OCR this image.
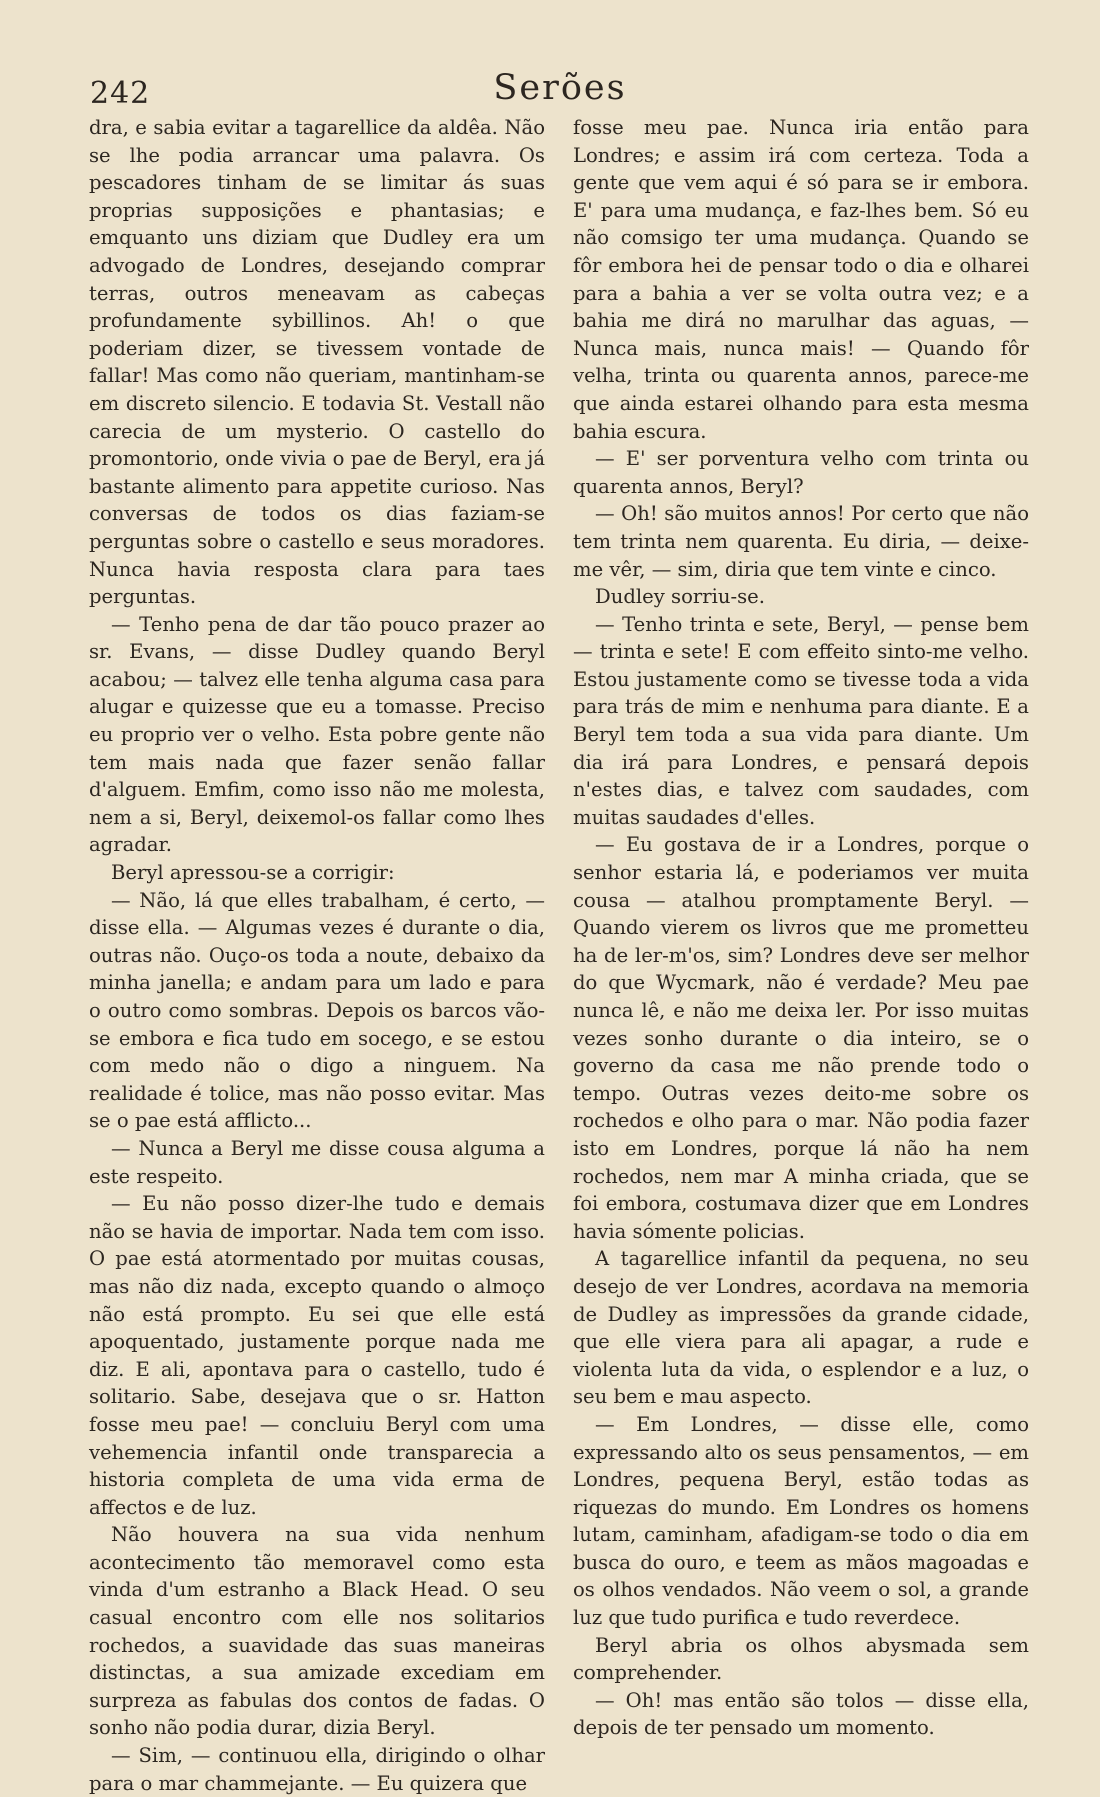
242	Serões

dra, e sabia evitar a tagarellice da aldêa. Não se lhe podia arrancar uma palavra. Os pescadores tinham de se limitar ás suas proprias supposições e phantasias; e emquanto uns diziam que Dudley era um advogado de Londres, desejando comprar terras, outros meneavam as cabeças profundamente sybillinos. Ah! o que poderiam dizer, se tivessem vontade de fallar! Mas como não queriam, mantinham-se em discreto silencio. E todavia St. Vestall não carecia de um mysterio. O castello do promontorio, onde vivia o pae de Beryl, era já bastante alimento para appetite curioso. Nas conversas de todos os dias faziam-se perguntas sobre o castello e seus moradores. Nunca havia resposta clara para taes perguntas.

— Tenho pena de dar tão pouco prazer ao sr. Evans, — disse Dudley quando Beryl acabou; — talvez elle tenha alguma casa para alugar e quizesse que eu a tomasse. Preciso eu proprio ver o velho. Esta pobre gente não tem mais nada que fazer senão fallar d'alguem. Emfim, como isso não me molesta, nem a si, Beryl, deixemol-os fallar como lhes agradar.

Beryl apressou-se a corrigir:

— Não, lá que elles trabalham, é certo, — disse ella. — Algumas vezes é durante o dia, outras não. Ouço-os toda a noute, debaixo da minha janella; e andam para um lado e para o outro como sombras. Depois os barcos vão-se embora e fica tudo em socego, e se estou com medo não o digo a ninguem. Na realidade é tolice, mas não posso evitar. Mas se o pae está afflicto...

— Nunca a Beryl me disse cousa alguma a este respeito.

— Eu não posso dizer-lhe tudo e demais não se havia de importar. Nada tem com isso. O pae está atormentado por muitas cousas, mas não diz nada, excepto quando o almoço não está prompto. Eu sei que elle está apoquentado, justamente porque nada me diz. E ali, apontava para o castello, tudo é solitario. Sabe, desejava que o sr. Hatton fosse meu pae! — concluiu Beryl com uma vehemencia infantil onde transparecia a historia completa de uma vida erma de affectos e de luz.

Não houvera na sua vida nenhum acontecimento tão memoravel como esta vinda d'um estranho a Black Head. O seu casual encontro com elle nos solitarios rochedos, a suavidade das suas maneiras distinctas, a sua amizade excediam em surpreza as fabulas dos contos de fadas. O sonho não podia durar, dizia Beryl.

— Sim, — continuou ella, dirigindo o olhar para o mar chammejante. — Eu quizera que

fosse meu pae. Nunca iria então para Londres; e assim irá com certeza. Toda a gente que vem aqui é só para se ir embora. E' para uma mudança, e faz-lhes bem. Só eu não comsigo ter uma mudança. Quando se fôr embora hei de pensar todo o dia e olharei para a bahia a ver se volta outra vez; e a bahia me dirá no marulhar das aguas, — Nunca mais, nunca mais! — Quando fôr velha, trinta ou quarenta annos, parece-me que ainda estarei olhando para esta mesma bahia escura.

— E' ser porventura velho com trinta ou quarenta annos, Beryl?

— Oh! são muitos annos! Por certo que não tem trinta nem quarenta. Eu diria, — deixe-me vêr, — sim, diria que tem vinte e cinco.

Dudley sorriu-se.

— Tenho trinta e sete, Beryl, — pense bem — trinta e sete! E com effeito sinto-me velho. Estou justamente como se tivesse toda a vida para trás de mim e nenhuma para diante. E a Beryl tem toda a sua vida para diante. Um dia irá para Londres, e pensará depois n'estes dias, e talvez com saudades, com muitas saudades d'elles.

— Eu gostava de ir a Londres, porque o senhor estaria lá, e poderiamos ver muita cousa — atalhou promptamente Beryl. — Quando vierem os livros que me prometteu ha de ler-m'os, sim? Londres deve ser melhor do que Wycmark, não é verdade? Meu pae nunca lê, e não me deixa ler. Por isso muitas vezes sonho durante o dia inteiro, se o governo da casa me não prende todo o tempo. Outras vezes deito-me sobre os rochedos e olho para o mar. Não podia fazer isto em Londres, porque lá não ha nem rochedos, nem mar A minha criada, que se foi embora, costumava dizer que em Londres havia sómente policias.

A tagarellice infantil da pequena, no seu desejo de ver Londres, acordava na memoria de Dudley as impressões da grande cidade, que elle viera para ali apagar, a rude e violenta luta da vida, o esplendor e a luz, o seu bem e mau aspecto.

— Em Londres, — disse elle, como expressando alto os seus pensamentos, — em Londres, pequena Beryl, estão todas as riquezas do mundo. Em Londres os homens lutam, caminham, afadigam-se todo o dia em busca do ouro, e teem as mãos magoadas e os olhos vendados. Não veem o sol, a grande luz que tudo purifica e tudo reverdece.

Beryl abria os olhos abysmada sem comprehender.

— Oh! mas então são tolos — disse ella, depois de ter pensado um momento.
